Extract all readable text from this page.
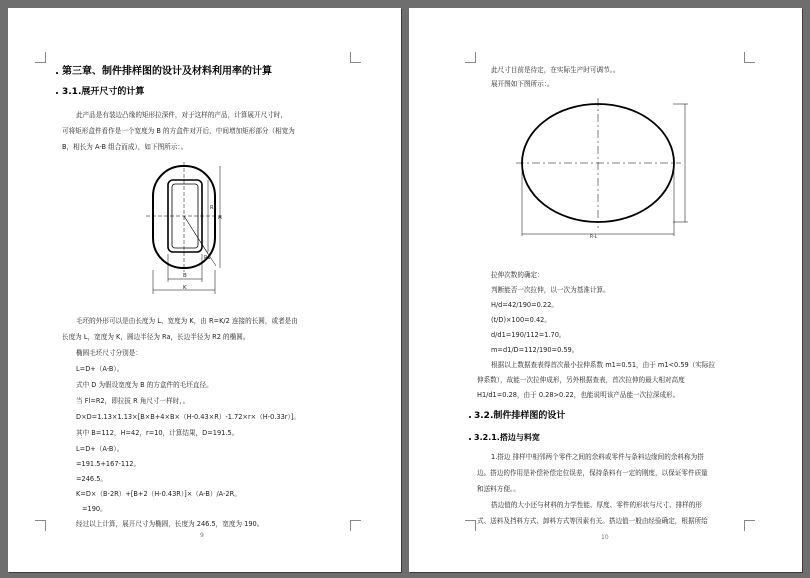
第三章、制件排样图的设计及材料利用率的计算
3.1.展开尺寸的计算
此产品是有装边凸缘的矩形拉深件，对于这样的产品，计算展开尺寸时，
可将矩形盒件看作是一个宽度为 B 的方盒件对开后，中间增加矩形部分（相宽为
B，相长为 A-B 组合而成），如下图所示：。
A
R2
R1
B
K
毛坯的外形可以是由长度为 L、宽度为 K，由 R=K/2 连接的长圆，或者是由
长度为 L，宽度为 K，圆边半径为 Ra，长边半径为 R2 的椭圆。
椭圆毛坯尺寸分别是：
L=D+（A-B）。
式中 D 为假设宽度为 B 的方盒件的毛坯直径。
当 Fl=R2，即拉拔 R 角尺寸一样时，。
D×D=1.13×1.13×[B×B+4×B×（H-0.43×R）-1.72×r×（H-0.33r）]。
其中 B=112，H=42，r=10，计算结果，D=191.5。
L=D+（A-B）。
=191.5+167-112。
=246.5。
K=D×（B-2R）+[B+2（H-0.43R）]×（A-B）/A-2R。
=190。
经过以上计算，展开尺寸为椭圆，长度为 246.5，宽度为 190。
9
此尺寸目前是待定，在实际生产时可调节。。
展开图如下图所示：。
R-L
拉伸次数的确定：
判断能否一次拉伸，以一次为基准计算。
H/d=42/190=0.22。
(t/D)×100=0.42。
d/d1=190/112=1.70。
m=d1/D=112/190=0.59。
根据以上数据查表得首次最小拉伸系数 m1=0.51，由于 m1<0.59（实际拉
伸系数），故能一次拉伸成形，另外根据查表，首次拉伸的最大相对高度
H1/d1=0.28，由于 0.28>0.22，也能说明该产品能一次拉深成形。
3.2.制件排样图的设计
3.2.1.搭边与料宽
1.搭边 排样中相邻两个零件之间的余料或零件与条料边缘间的余料称为搭
边。搭边的作用是补偿补偿定位误差，保持条料有一定的刚度，以保证零件质量
和送料方便。。
搭边值的大小还与材料的力学性能、厚度、零件的形状与尺寸、排样的形
式、送料及挡料方式、卸料方式等因素有关。搭边值一般由经验确定，根据所给
10
